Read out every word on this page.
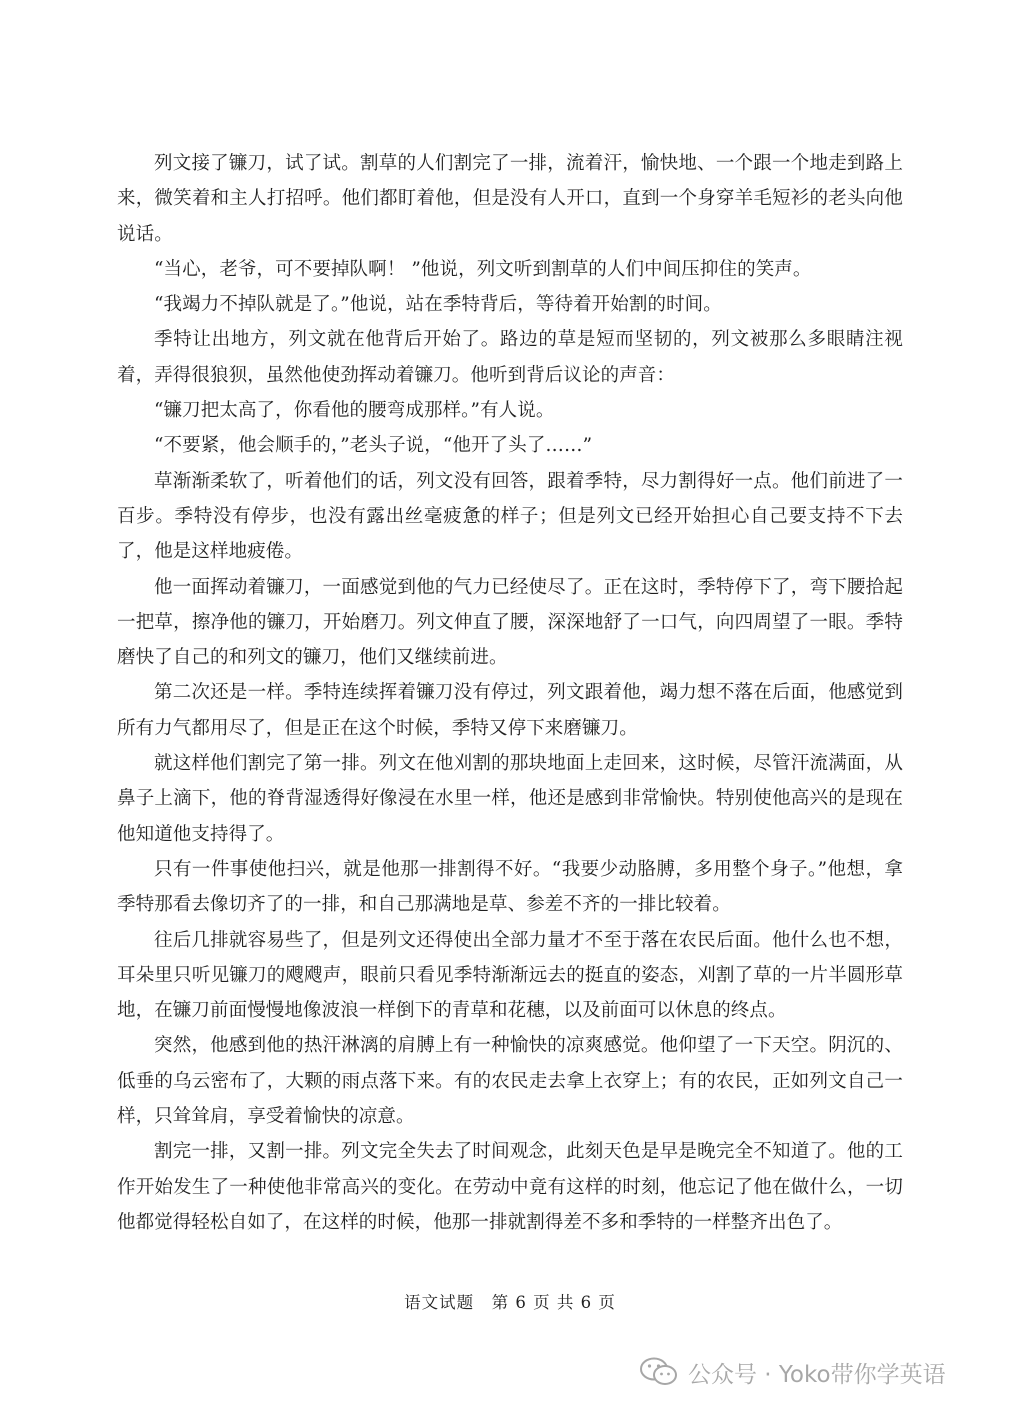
列文接了镰刀，试了试。割草的人们割完了一排，流着汗，愉快地、一个跟一个地走到路上来，微笑着和主人打招呼。他们都盯着他，但是没有人开口，直到一个身穿羊毛短衫的老头向他说话。

“当心，老爷，可不要掉队啊！ ”他说，列文听到割草的人们中间压抑住的笑声。

“我竭力不掉队就是了。”他说，站在季特背后，等待着开始割的时间。

季特让出地方，列文就在他背后开始了。路边的草是短而坚韧的，列文被那么多眼睛注视着，弄得很狼狈，虽然他使劲挥动着镰刀。他听到背后议论的声音：

“镰刀把太高了，你看他的腰弯成那样。”有人说。

“不要紧，他会顺手的，”老头子说，“他开了头了……”

草渐渐柔软了，听着他们的话，列文没有回答，跟着季特，尽力割得好一点。他们前进了一百步。季特没有停步，也没有露出丝毫疲惫的样子；但是列文已经开始担心自己要支持不下去了，他是这样地疲倦。

他一面挥动着镰刀，一面感觉到他的气力已经使尽了。正在这时，季特停下了，弯下腰拾起一把草，擦净他的镰刀，开始磨刀。列文伸直了腰，深深地舒了一口气，向四周望了一眼。季特磨快了自己的和列文的镰刀，他们又继续前进。

第二次还是一样。季特连续挥着镰刀没有停过，列文跟着他，竭力想不落在后面，他感觉到所有力气都用尽了，但是正在这个时候，季特又停下来磨镰刀。

就这样他们割完了第一排。列文在他刈割的那块地面上走回来，这时候，尽管汗流满面，从鼻子上滴下，他的脊背湿透得好像浸在水里一样，他还是感到非常愉快。特别使他高兴的是现在他知道他支持得了。

只有一件事使他扫兴，就是他那一排割得不好。“我要少动胳膊，多用整个身子。”他想，拿季特那看去像切齐了的一排，和自己那满地是草、参差不齐的一排比较着。

往后几排就容易些了，但是列文还得使出全部力量才不至于落在农民后面。他什么也不想，耳朵里只听见镰刀的飕飕声，眼前只看见季特渐渐远去的挺直的姿态，刈割了草的一片半圆形草地，在镰刀前面慢慢地像波浪一样倒下的青草和花穗，以及前面可以休息的终点。

突然，他感到他的热汗淋漓的肩膊上有一种愉快的凉爽感觉。他仰望了一下天空。阴沉的、低垂的乌云密布了，大颗的雨点落下来。有的农民走去拿上衣穿上；有的农民，正如列文自己一样，只耸耸肩，享受着愉快的凉意。

割完一排，又割一排。列文完全失去了时间观念，此刻天色是早是晚完全不知道了。他的工作开始发生了一种使他非常高兴的变化。在劳动中竟有这样的时刻，他忘记了他在做什么，一切他都觉得轻松自如了，在这样的时候，他那一排就割得差不多和季特的一样整齐出色了。

语文试题　第 6 页 共 6 页
公众号 · Yoko带你学英语
